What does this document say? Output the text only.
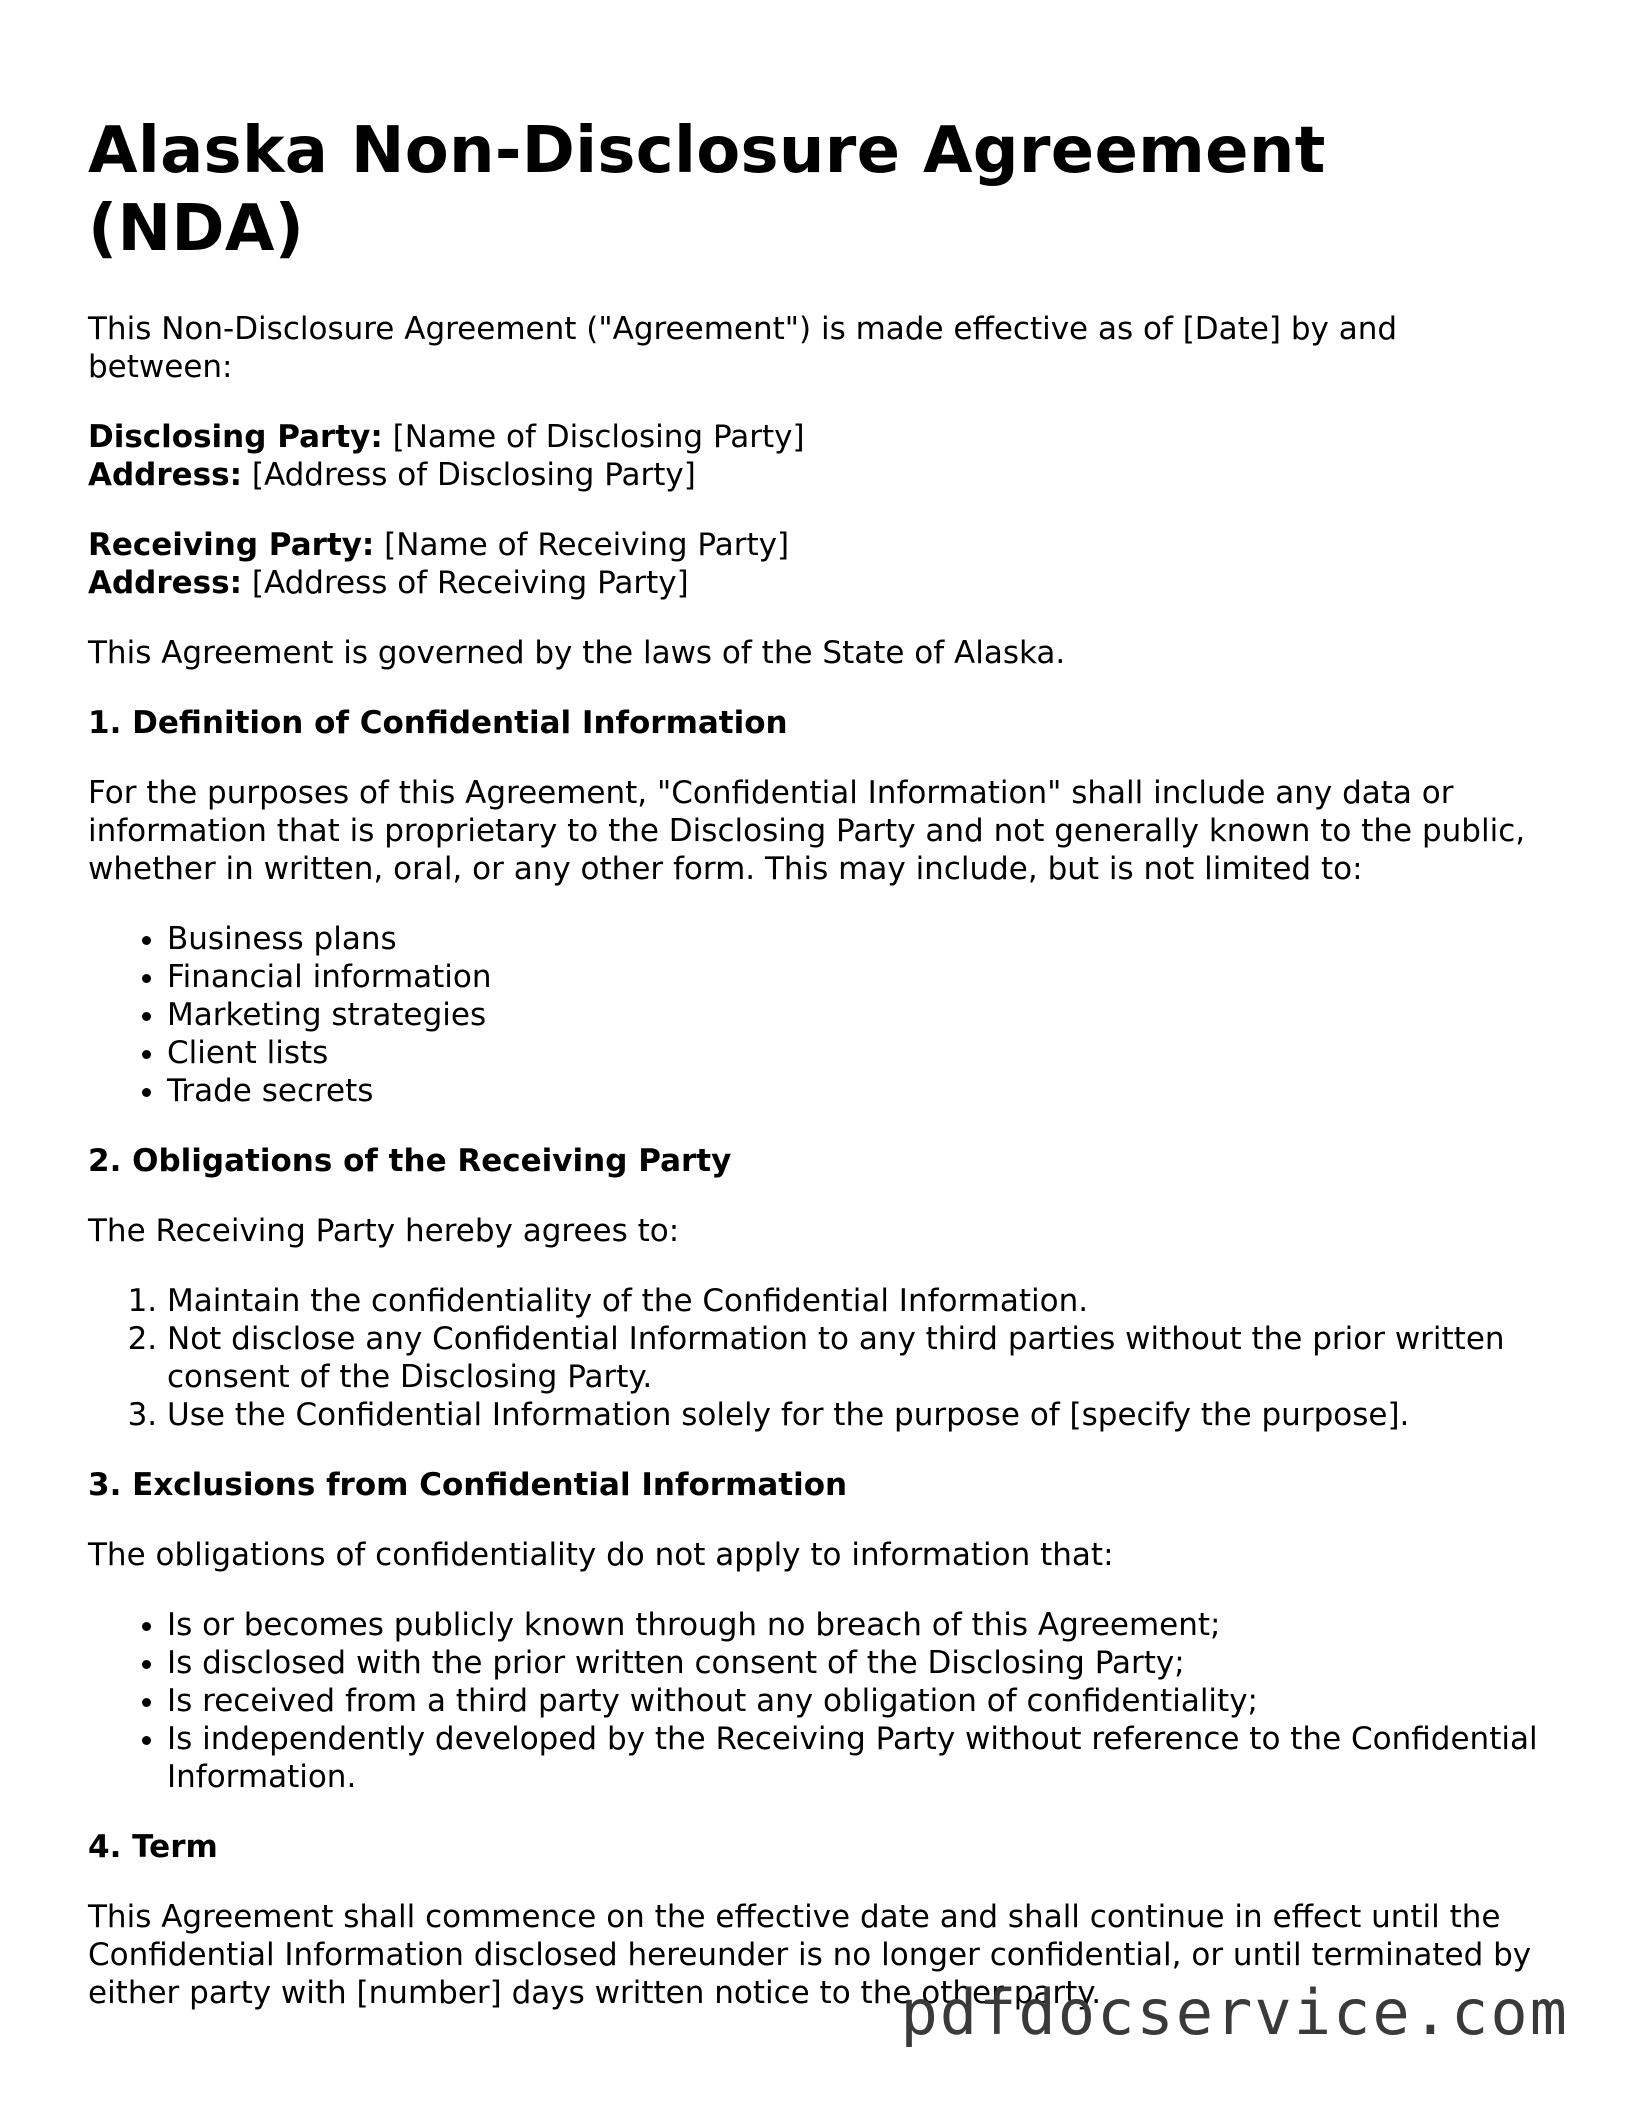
Alaska Non-Disclosure Agreement (NDA)

This Non-Disclosure Agreement ("Agreement") is made effective as of [Date] by and between:

Disclosing Party: [Name of Disclosing Party]
Address: [Address of Disclosing Party]
Receiving Party: [Name of Receiving Party]
Address: [Address of Receiving Party]

This Agreement is governed by the laws of the State of Alaska.

1. Definition of Confidential Information

For the purposes of this Agreement, "Confidential Information" shall include any data or information that is proprietary to the Disclosing Party and not generally known to the public, whether in written, oral, or any other form. This may include, but is not limited to:

• Business plans
• Financial information
• Marketing strategies
• Client lists
• Trade secrets
2. Obligations of the Receiving Party

The Receiving Party hereby agrees to:

1. Maintain the confidentiality of the Confidential Information.
2. Not disclose any Confidential Information to any third parties without the prior written consent of the Disclosing Party.
3. Use the Confidential Information solely for the purpose of [specify the purpose].
3. Exclusions from Confidential Information

The obligations of confidentiality do not apply to information that:

• Is or becomes publicly known through no breach of this Agreement;
• Is disclosed with the prior written consent of the Disclosing Party;
• Is received from a third party without any obligation of confidentiality;
• Is independently developed by the Receiving Party without reference to the Confidential Information.
4. Term

This Agreement shall commence on the effective date and shall continue in effect until the Confidential Information disclosed hereunder is no longer confidential, or until terminated by either party with [number] days written notice to the other party.

pdfdocservice.com
